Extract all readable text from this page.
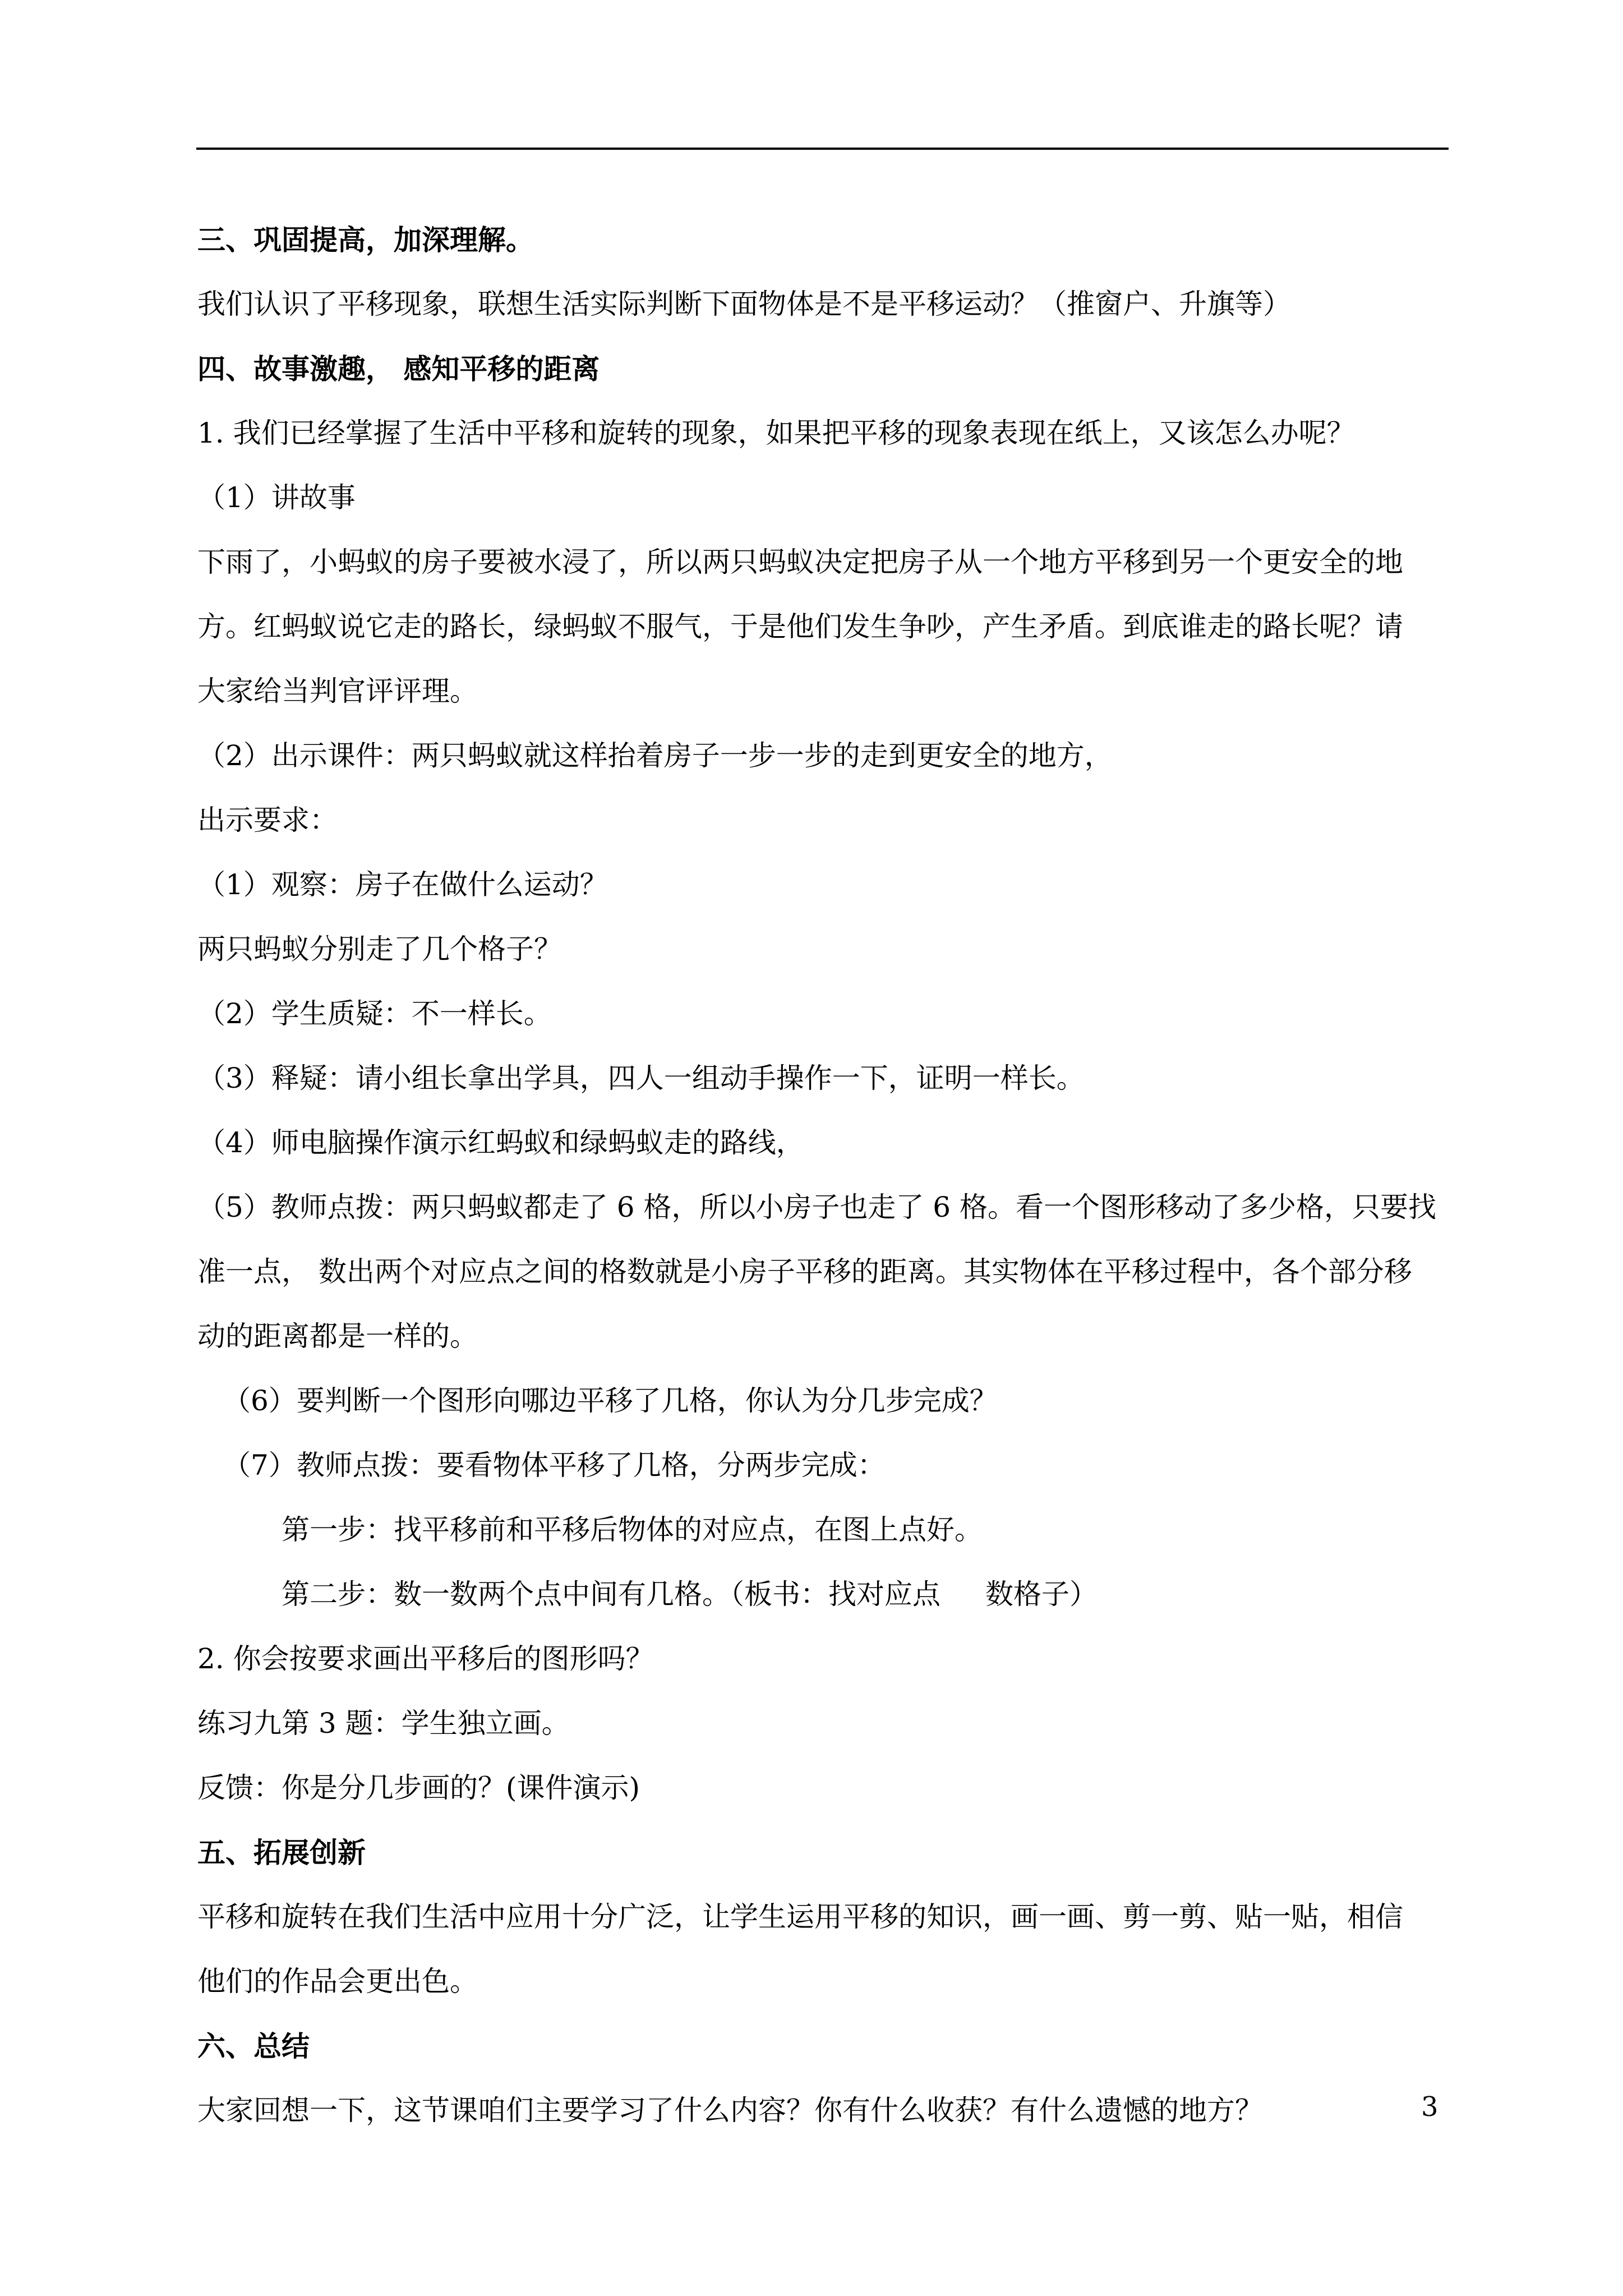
三、巩固提高，加深理解。

我们认识了平移现象，联想生活实际判断下面物体是不是平移运动？（推窗户、升旗等）

四、故事激趣， 感知平移的距离

1. 我们已经掌握了生活中平移和旋转的现象，如果把平移的现象表现在纸上，又该怎么办呢？

（1）讲故事

下雨了，小蚂蚁的房子要被水浸了，所以两只蚂蚁决定把房子从一个地方平移到另一个更安全的地

方。红蚂蚁说它走的路长，绿蚂蚁不服气，于是他们发生争吵，产生矛盾。到底谁走的路长呢？请

大家给当判官评评理。

（2）出示课件：两只蚂蚁就这样抬着房子一步一步的走到更安全的地方，

出示要求：

（1）观察：房子在做什么运动？

两只蚂蚁分别走了几个格子？

（2）学生质疑：不一样长。

（3）释疑：请小组长拿出学具，四人一组动手操作一下，证明一样长。

（4）师电脑操作演示红蚂蚁和绿蚂蚁走的路线，

（5）教师点拨：两只蚂蚁都走了 6 格，所以小房子也走了 6 格。看一个图形移动了多少格，只要找

准一点， 数出两个对应点之间的格数就是小房子平移的距离。其实物体在平移过程中，各个部分移

动的距离都是一样的。

（6）要判断一个图形向哪边平移了几格，你认为分几步完成？

（7）教师点拨：要看物体平移了几格，分两步完成：

第一步：找平移前和平移后物体的对应点，在图上点好。

第二步：数一数两个点中间有几格。（板书：找对应点 数格子）

2. 你会按要求画出平移后的图形吗？

练习九第 3 题：学生独立画。

反馈：你是分几步画的？(课件演示)

五、拓展创新

平移和旋转在我们生活中应用十分广泛，让学生运用平移的知识，画一画、剪一剪、贴一贴，相信

他们的作品会更出色。

六、总结

大家回想一下，这节课咱们主要学习了什么内容？你有什么收获？有什么遗憾的地方？	3
